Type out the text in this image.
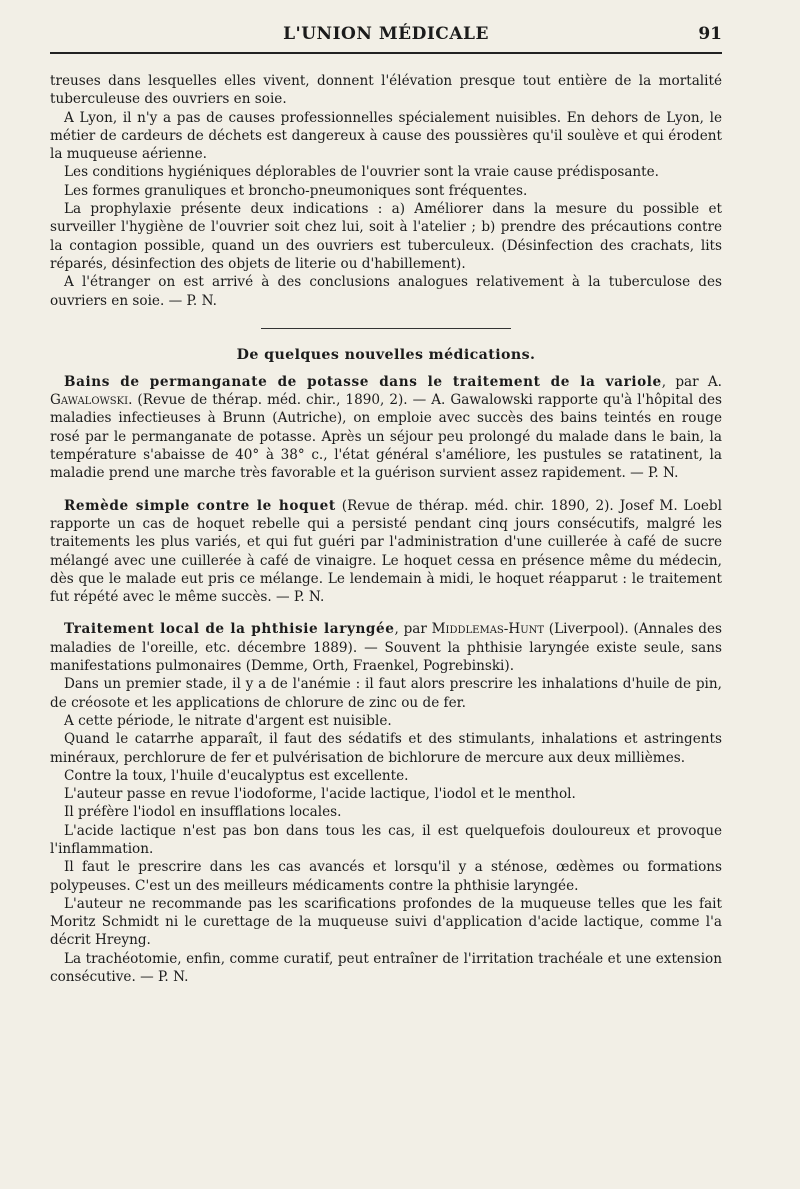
L'UNION MÉDICALE	91

treuses dans lesquelles elles vivent, donnent l'élévation presque tout entière de la mortalité tuberculeuse des ouvriers en soie.

A Lyon, il n'y a pas de causes professionnelles spécialement nuisibles. En dehors de Lyon, le métier de cardeurs de déchets est dangereux à cause des poussières qu'il soulève et qui érodent la muqueuse aérienne.

Les conditions hygiéniques déplorables de l'ouvrier sont la vraie cause prédisposante.

Les formes granuliques et broncho-pneumoniques sont fréquentes.

La prophylaxie présente deux indications : a) Améliorer dans la mesure du possible et surveiller l'hygiène de l'ouvrier soit chez lui, soit à l'atelier ; b) prendre des précautions contre la contagion possible, quand un des ouvriers est tuberculeux. (Désinfection des crachats, lits réparés, désinfection des objets de literie ou d'habillement).

A l'étranger on est arrivé à des conclusions analogues relativement à la tuberculose des ouvriers en soie. — P. N.

De quelques nouvelles médications.

Bains de permanganate de potasse dans le traitement de la variole, par A. Gawalowski. (Revue de thérap. méd. chir., 1890, 2). — A. Gawalowski rapporte qu'à l'hôpital des maladies infectieuses à Brunn (Autriche), on emploie avec succès des bains teintés en rouge rosé par le permanganate de potasse. Après un séjour peu prolongé du malade dans le bain, la température s'abaisse de 40° à 38° c., l'état général s'améliore, les pustules se ratatinent, la maladie prend une marche très favorable et la guérison survient assez rapidement. — P. N.

Remède simple contre le hoquet (Revue de thérap. méd. chir. 1890, 2). Josef M. Loebl rapporte un cas de hoquet rebelle qui a persisté pendant cinq jours consécutifs, malgré les traitements les plus variés, et qui fut guéri par l'administration d'une cuillerée à café de sucre mélangé avec une cuillerée à café de vinaigre. Le hoquet cessa en présence même du médecin, dès que le malade eut pris ce mélange. Le lendemain à midi, le hoquet réapparut : le traitement fut répété avec le même succès. — P. N.

Traitement local de la phthisie laryngée, par Middlemas-Hunt (Liverpool). (Annales des maladies de l'oreille, etc. décembre 1889). — Souvent la phthisie laryngée existe seule, sans manifestations pulmonaires (Demme, Orth, Fraenkel, Pogrebinski).

Dans un premier stade, il y a de l'anémie : il faut alors prescrire les inhalations d'huile de pin, de créosote et les applications de chlorure de zinc ou de fer.

A cette période, le nitrate d'argent est nuisible.

Quand le catarrhe apparaît, il faut des sédatifs et des stimulants, inhalations et astringents minéraux, perchlorure de fer et pulvérisation de bichlorure de mercure aux deux millièmes.

Contre la toux, l'huile d'eucalyptus est excellente.

L'auteur passe en revue l'iodoforme, l'acide lactique, l'iodol et le menthol.

Il préfère l'iodol en insufflations locales.

L'acide lactique n'est pas bon dans tous les cas, il est quelquefois douloureux et provoque l'inflammation.

Il faut le prescrire dans les cas avancés et lorsqu'il y a sténose, œdèmes ou formations polypeuses. C'est un des meilleurs médicaments contre la phthisie laryngée.

L'auteur ne recommande pas les scarifications profondes de la muqueuse telles que les fait Moritz Schmidt ni le curettage de la muqueuse suivi d'application d'acide lactique, comme l'a décrit Hreyng.

La trachéotomie, enfin, comme curatif, peut entraîner de l'irritation trachéale et une extension consécutive. — P. N.
